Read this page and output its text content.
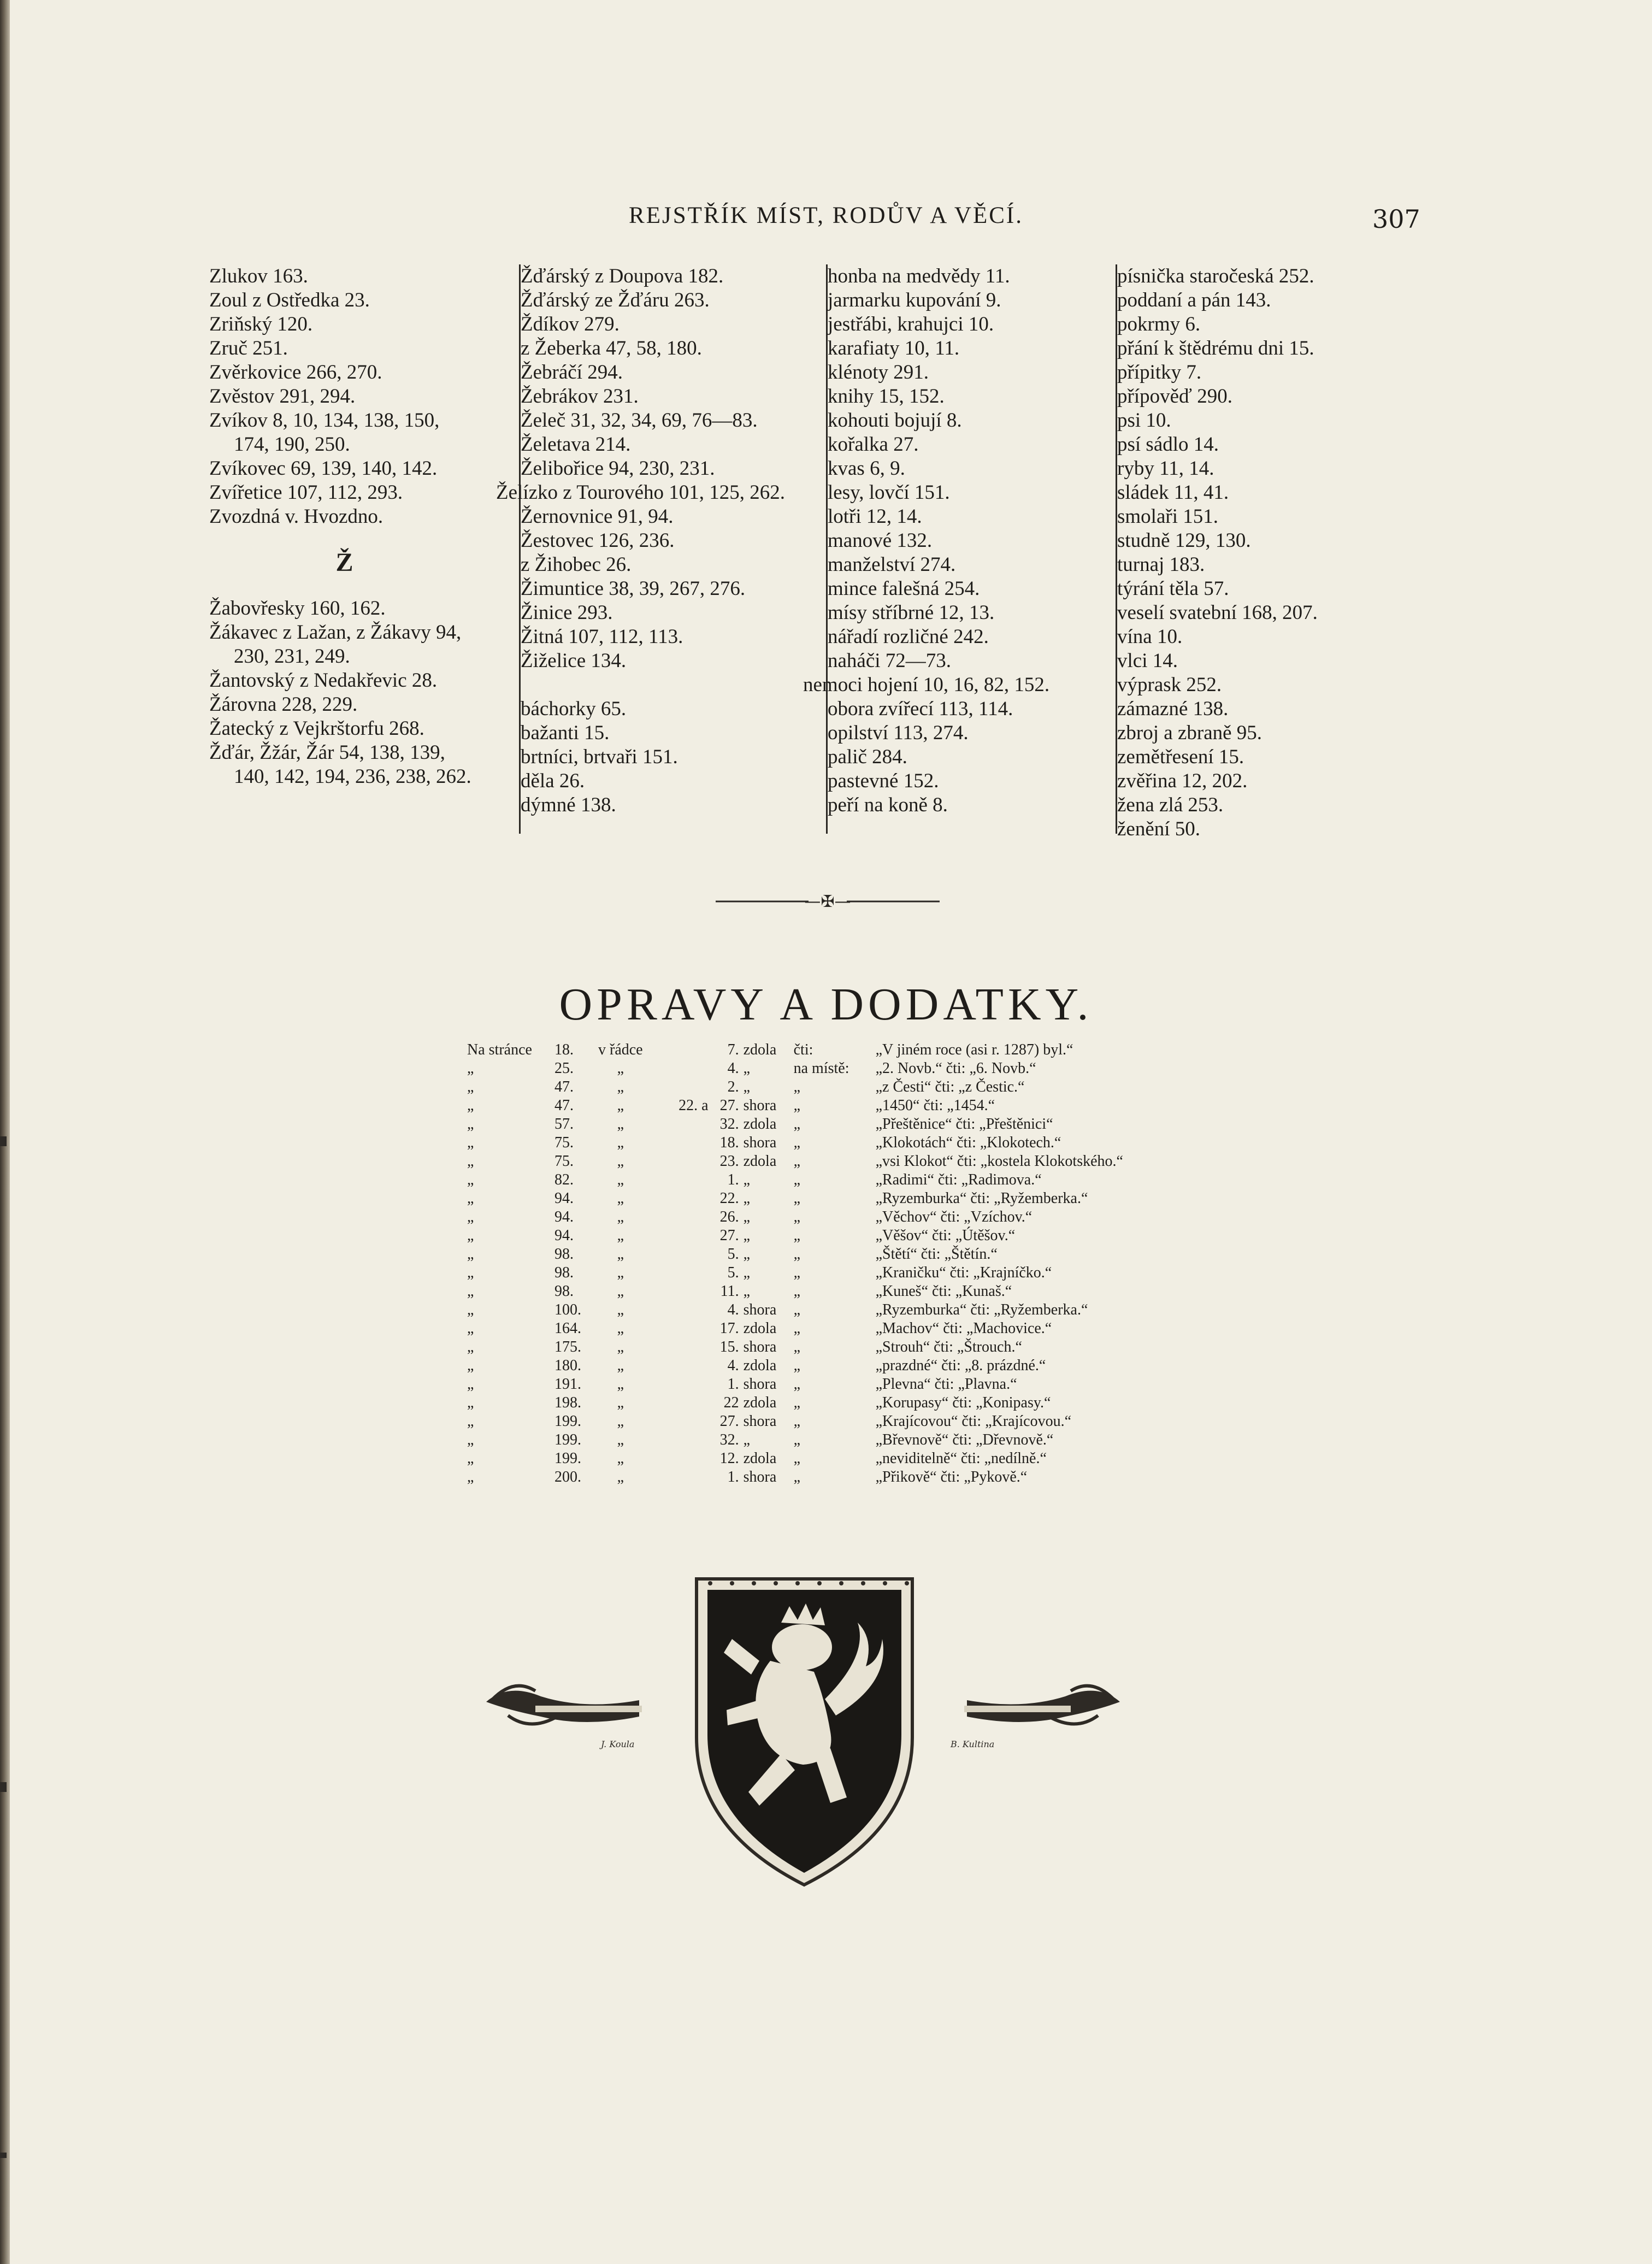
REJSTŘÍK MÍST, RODŮV A VĚCÍ.	307
Zlukov 163.
Zoul z Ostředka 23.
Zriňský 120.
Zruč 251.
Zvěrkovice 266, 270.
Zvěstov 291, 294.
Zvíkov 8, 10, 134, 138, 150, 174, 190, 250.
Zvíkovec 69, 139, 140, 142.
Zvířetice 107, 112, 293.
Zvozdná v. Hvozdno.
Ž
Žabovřesky 160, 162.
Žákavec z Lažan, z Žákavy 94, 230, 231, 249.
Žantovský z Nedakřevic 28.
Žárovna 228, 229.
Žatecký z Vejkrštorfu 268.
Žďár, Žžár, Žár 54, 138, 139, 140, 142, 194, 236, 238, 262.
Žďárský z Doupova 182.
Žďárský ze Žďáru 263.
Ždíkov 279.
z Žeberka 47, 58, 180.
Žebráčí 294.
Žebrákov 231.
Želeč 31, 32, 34, 69, 76—83.
Želetava 214.
Želibořice 94, 230, 231.
Želízko z Tourového 101, 125, 262.
Žernovnice 91, 94.
Žestovec 126, 236.
z Žihobec 26.
Žimuntice 38, 39, 267, 276.
Žinice 293.
Žitná 107, 112, 113.
Žiželice 134.
báchorky 65.
bažanti 15.
brtníci, brtvaři 151.
děla 26.
dýmné 138.
honba na medvědy 11.
jarmarku kupování 9.
jestřábi, krahujci 10.
karafiaty 10, 11.
klénoty 291.
knihy 15, 152.
kohouti bojují 8.
kořalka 27.
kvas 6, 9.
lesy, lovčí 151.
lotři 12, 14.
manové 132.
manželství 274.
mince falešná 254.
mísy stříbrné 12, 13.
nářadí rozličné 242.
naháči 72—73.
nemoci hojení 10, 16, 82, 152.
obora zvířecí 113, 114.
opilství 113, 274.
palič 284.
pastevné 152.
peří na koně 8.
písnička staročeská 252.
poddaní a pán 143.
pokrmy 6.
přání k štědrému dni 15.
přípitky 7.
přípověď 290.
psi 10.
psí sádlo 14.
ryby 11, 14.
sládek 11, 41.
smolaři 151.
studně 129, 130.
turnaj 183.
týrání těla 57.
veselí svatební 168, 207.
vína 10.
vlci 14.
výprask 252.
zámazné 138.
zbroj a zbraně 95.
zemětřesení 15.
zvěřina 12, 202.
žena zlá 253.
ženění 50.
—✠—
OPRAVY A DODATKY.
Na stránce	18.	v řádce		7.	zdola	čti:	„V jiném roce (asi r. 1287) byl.“
„	25.	„		4.	„	na místě:	„2. Novb.“ čti: „6. Novb.“
„	47.	„		2.	„	„	„z Česti“ čti: „z Čestic.“
„	47.	„	22. a	27.	shora	„	„1450“ čti: „1454.“
„	57.	„		32.	zdola	„	„Přeštěnice“ čti: „Přeštěnici“
„	75.	„		18.	shora	„	„Klokotách“ čti: „Klokotech.“
„	75.	„		23.	zdola	„	„vsi Klokot“ čti: „kostela Klokotského.“
„	82.	„		1.	„	„	„Radimi“ čti: „Radimova.“
„	94.	„		22.	„	„	„Ryzemburka“ čti: „Ryžemberka.“
„	94.	„		26.	„	„	„Věchov“ čti: „Vzíchov.“
„	94.	„		27.	„	„	„Věšov“ čti: „Útěšov.“
„	98.	„		5.	„	„	„Štětí“ čti: „Štětín.“
„	98.	„		5.	„	„	„Kraničku“ čti: „Krajníčko.“
„	98.	„		11.	„	„	„Kuneš“ čti: „Kunaš.“
„	100.	„		4.	shora	„	„Ryzemburka“ čti: „Ryžemberka.“
„	164.	„		17.	zdola	„	„Machov“ čti: „Machovice.“
„	175.	„		15.	shora	„	„Strouh“ čti: „Štrouch.“
„	180.	„		4.	zdola	„	„prazdné“ čti: „8. prázdné.“
„	191.	„		1.	shora	„	„Plevna“ čti: „Plavna.“
„	198.	„		22	zdola	„	„Korupasy“ čti: „Konipasy.“
„	199.	„		27.	shora	„	„Krajícovou“ čti: „Krajícovou.“
„	199.	„		32.	„	„	„Břevnově“ čti: „Dřevnově.“
„	199.	„		12.	zdola	„	„neviditelně“ čti: „nedílně.“
„	200.	„		1.	shora	„	„Přikově“ čti: „Pykově.“
J. Koula	B. Kultina
